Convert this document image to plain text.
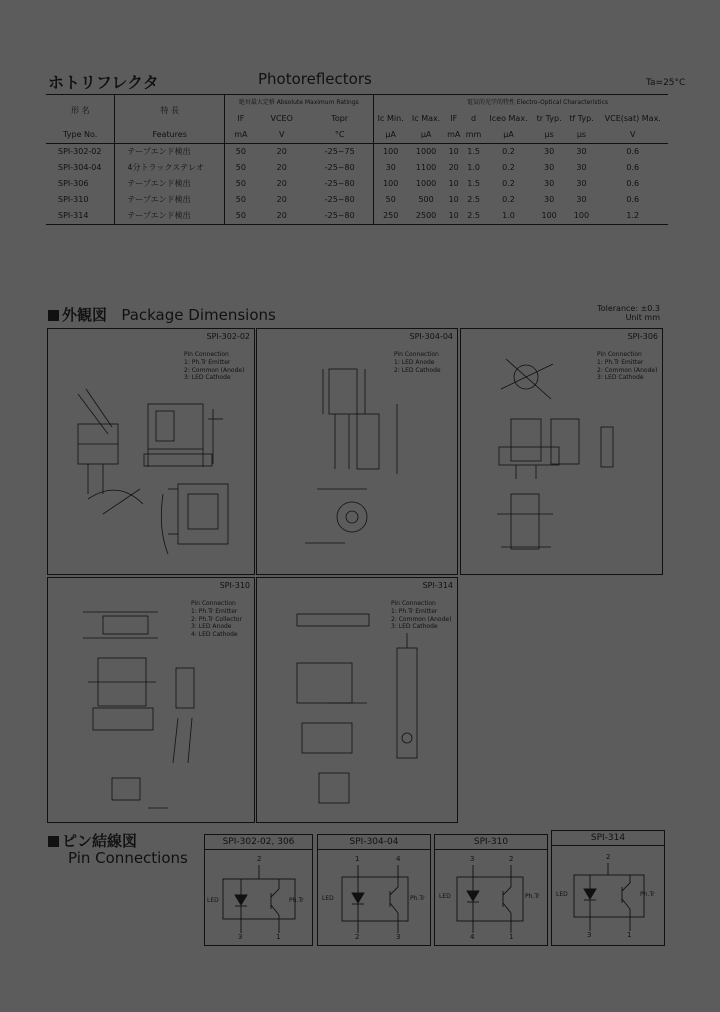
ホトリフレクタ	Photoreflectors	Ta=25°C
形 名	特 長	絶対最大定格 Absolute Maximum Ratings			電気的光学的特性 Electro-Optical Characteristics							
		IF	VCEO	Topr	Ic Min.	Ic Max.	IF	d	Iceo Max.	tr Typ.	tf Typ.	VCE(sat) Max.
Type No.	Features	mA	V	°C	μA	μA	mA	mm	μA	μs	μs	V
SPI-302-02	テープエンド検出	50	20	-25~75	100	1000	10	1.5	0.2	30	30	0.6
SPI-304-04	4分トラックステレオ	50	20	-25~80	30	1100	20	1.0	0.2	30	30	0.6
SPI-306	テープエンド検出	50	20	-25~80	100	1000	10	1.5	0.2	30	30	0.6
SPI-310	テープエンド検出	50	20	-25~80	50	500	10	2.5	0.2	30	30	0.6
SPI-314	テープエンド検出	50	20	-25~80	250	2500	10	2.5	1.0	100	100	1.2
外観図 Package Dimensions	Tolerance: ±0.3
Unit mm
SPI-302-02
Pin Connection
1: Ph.Tr Emitter
2: Common (Anode)
3: LED Cathode
SPI-304-04
Pin Connection
1: LED Anode
2: LED Cathode
SPI-306
Pin Connection
1: Ph.Tr Emitter
2: Common (Anode)
3: LED Cathode
SPI-310
Pin Connection
1: Ph.Tr Emitter
2: Ph.Tr Collector
3: LED Anode
4: LED Cathode
SPI-314
Pin Connection
1: Ph.Tr Emitter
2: Common (Anode)
3: LED Cathode
ピン結線図
Pin Connections
SPI-302-02, 306
2
LED	Ph.Tr
3	1
SPI-304-04
1	4
LED	Ph.Tr
2	3
SPI-310
3	2
LED	Ph.Tr
4	1
SPI-314
2
LED	Ph.Tr
3	1
